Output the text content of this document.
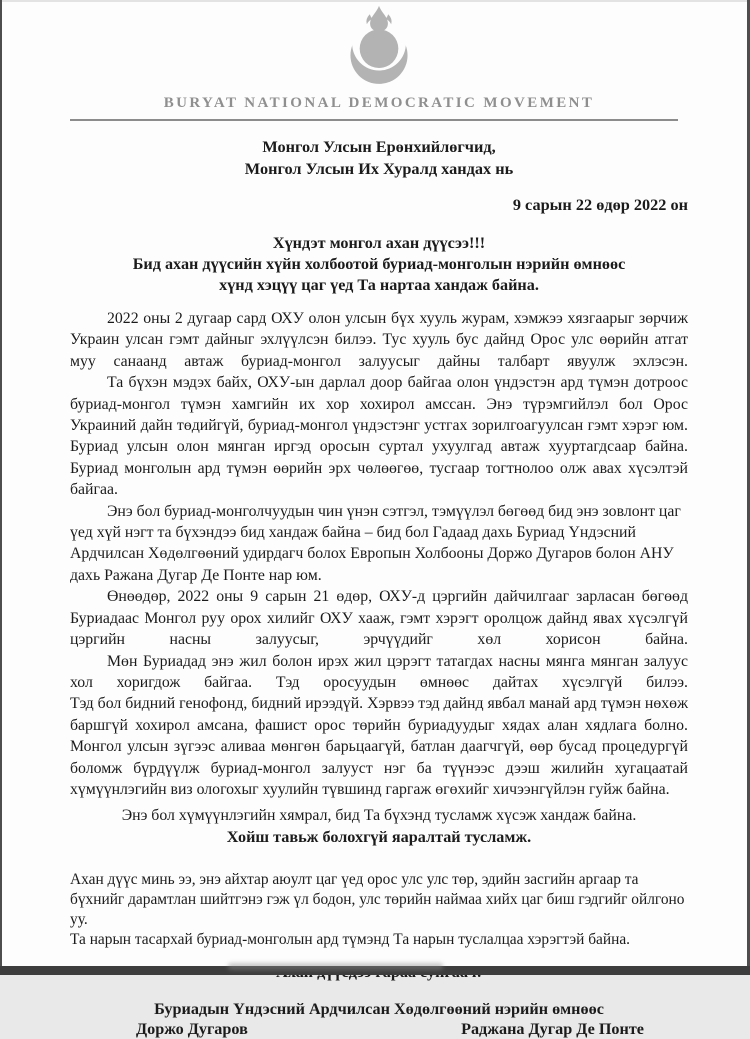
BURYAT NATIONAL DEMOCRATIC MOVEMENT
Монгол Улсын Ерөнхийлөгчид,
Монгол Улсын Их Хуралд хандах нь
9 сарын 22 өдөр 2022 он
Хүндэт монгол ахан дүүсээ!!!
Бид ахан дүүсийн хүйн холбоотой буриад-монголын нэрийн өмнөөс
хүнд хэцүү цаг үед Та нартаа хандаж байна.

2022 оны 2 дугаар сард ОХУ олон улсын бүх хууль журам, хэмжээ хязгаарыг зөрчиж Украин улсан гэмт дайныг эхлүүлсэн билээ. Тус хууль бус дайнд Орос улс өөрийн атгат муу санаанд автаж буриад-монгол залуусыг дайны талбарт явуулж эхлэсэн.

Та бүхэн мэдэх байх, ОХУ-ын дарлал доор байгаа олон үндэстэн ард түмэн дотроос буриад-монгол түмэн хамгийн их хор хохирол амссан. Энэ түрэмгийлэл бол Орос Украиний дайн төдийгүй, буриад-монгол үндэстэнг устгах зорилгоагуулсан гэмт хэрэг юм. Буриад улсын олон мянган иргэд оросын суртал ухуулгад автаж хууртагдсаар байна. Буриад монголын ард түмэн өөрийн эрх чөлөөгөө, тусгаар тогтнолоо олж авах хүсэлтэй байгаа.

Энэ бол буриад-монголчуудын чин үнэн сэтгэл, тэмүүлэл бөгөөд бид энэ зовлонт цаг үед хүй нэгт та бүхэндээ бид хандаж байна – бид бол Гадаад дахь Буриад Үндэсний Ардчилсан Хөдөлгөөний удирдагч болох Европын Холбооны Доржо Дугаров болон АНУ дахь Ражана Дугар Де Понте нар юм.

Өнөөдөр, 2022 оны 9 сарын 21 өдөр, ОХУ-д цэргийн дайчилгааг зарласан бөгөөд Буриадаас Монгол руу орох хилийг ОХУ хааж, гэмт хэрэгт оролцож дайнд явах хүсэлгүй цэргийн насны залуусыг, эрчүүдийг хөл хорисон байна.

Мөн Буриадад энэ жил болон ирэх жил цэрэгт татагдах насны мянга мянган залуус хол хоригдож байгаа. Тэд оросуудын өмнөөс дайтах хүсэлгүй билээ.

Тэд бол бидний генофонд, бидний ирээдүй. Хэрвээ тэд дайнд явбал манай ард түмэн нөхөж баршгүй хохирол амсана, фашист орос төрийн буриадуудыг хядах алан хядлага болно.

Монгол улсын зүгээс аливаа мөнгөн барьцаагүй, батлан даагчгүй, өөр бусад процедургүй боломж бүрдүүлж буриад-монгол залууст нэг ба түүнээс дээш жилийн хугацаатай хүмүүнлэгийн виз ологохыг хуулийн түвшинд гаргаж өгөхийг хичээнгүйлэн гуйж байна.

Энэ бол хүмүүнлэгийн хямрал, бид Та бүхэнд тусламж хүсэж хандаж байна.

Хойш тавьж болохгүй яаралтай тусламж.

Ахан дүүс минь ээ, энэ айхтар аюулт цаг үед орос улс улс төр, эдийн засгийн аргаар та бүхнийг дарамтлан шийтгэнэ гэж үл бодон, улс төрийн наймаа хийх цаг биш гэдгийг ойлгоно уу.

Та нарын тасархай буриад-монголын ард түмэнд Та нарын туслалцаа хэрэгтэй байна.

Буриадын Үндэсний Ардчилсан Хөдөлгөөний нэрийн өмнөөс
Доржо Дугаров	Раджана Дугар Де Понте
